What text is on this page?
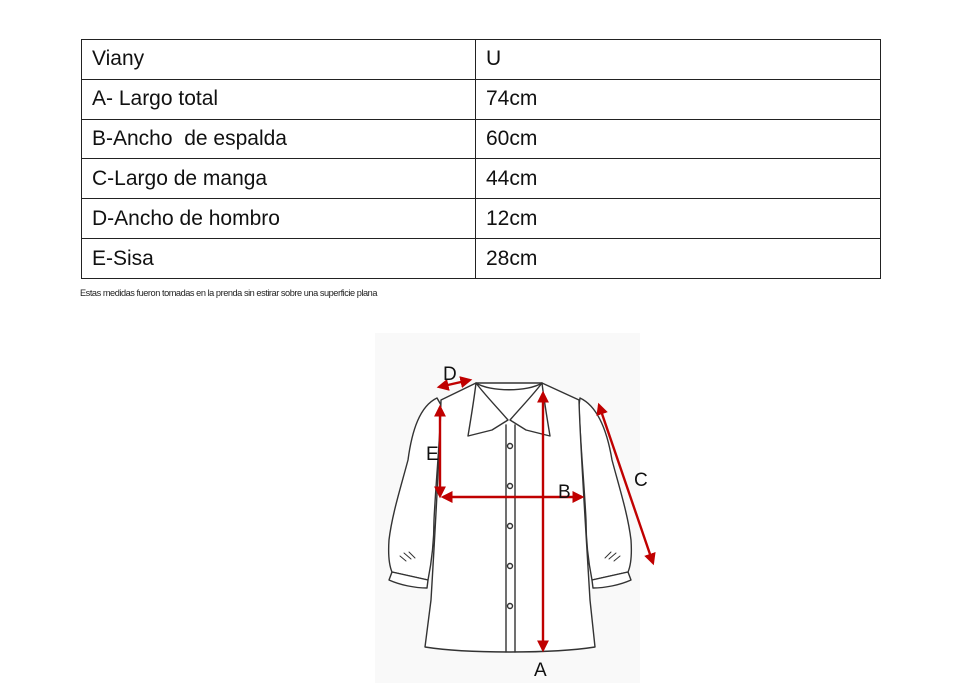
Viany	U
A- Largo total	74cm
B-Ancho  de espalda	60cm
C-Largo de manga	44cm
D-Ancho de hombro	12cm
E-Sisa	28cm
Estas medidas fueron tomadas en la prenda sin estirar sobre una superficie plana
A
B
C
D
E
